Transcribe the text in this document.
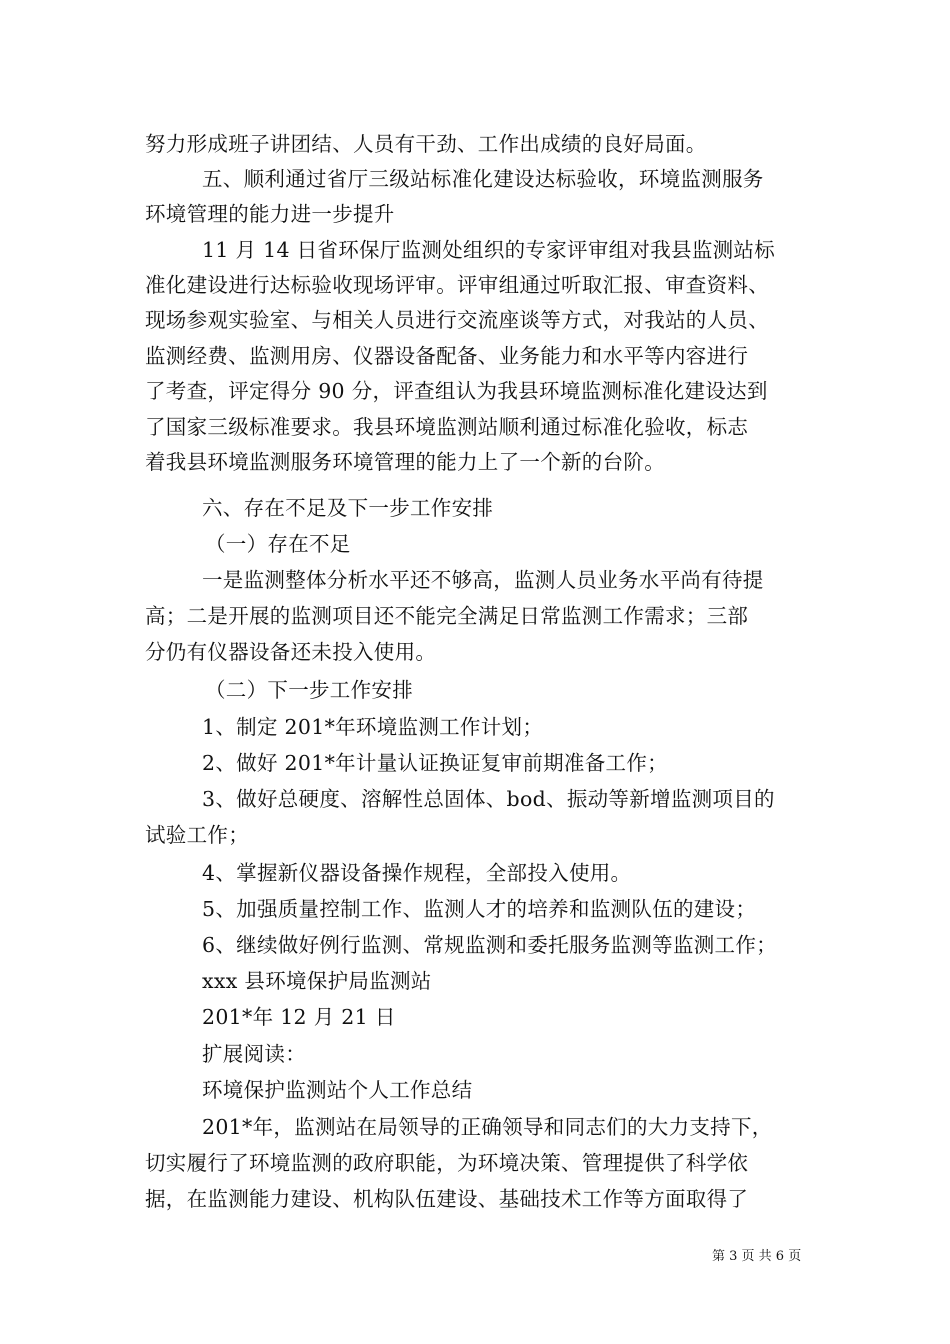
努力形成班子讲团结、人员有干劲、工作出成绩的良好局面。
五、顺利通过省厅三级站标准化建设达标验收，环境监测服务
环境管理的能力进一步提升
11 月 14 日省环保厅监测处组织的专家评审组对我县监测站标
准化建设进行达标验收现场评审。评审组通过听取汇报、审查资料、
现场参观实验室、与相关人员进行交流座谈等方式，对我站的人员、
监测经费、监测用房、仪器设备配备、业务能力和水平等内容进行
了考查，评定得分 90 分，评查组认为我县环境监测标准化建设达到
了国家三级标准要求。我县环境监测站顺利通过标准化验收，标志
着我县环境监测服务环境管理的能力上了一个新的台阶。
六、存在不足及下一步工作安排
（一）存在不足
一是监测整体分析水平还不够高，监测人员业务水平尚有待提
高；二是开展的监测项目还不能完全满足日常监测工作需求；三部
分仍有仪器设备还未投入使用。
（二）下一步工作安排
1、制定 201*年环境监测工作计划；
2、做好 201*年计量认证换证复审前期准备工作；
3、做好总硬度、溶解性总固体、bod、振动等新增监测项目的
试验工作；
4、掌握新仪器设备操作规程，全部投入使用。
5、加强质量控制工作、监测人才的培养和监测队伍的建设；
6、继续做好例行监测、常规监测和委托服务监测等监测工作；
xxx 县环境保护局监测站
201*年 12 月 21 日
扩展阅读：
环境保护监测站个人工作总结
201*年，监测站在局领导的正确领导和同志们的大力支持下，
切实履行了环境监测的政府职能，为环境决策、管理提供了科学依
据，在监测能力建设、机构队伍建设、基础技术工作等方面取得了
第 3 页 共 6 页
